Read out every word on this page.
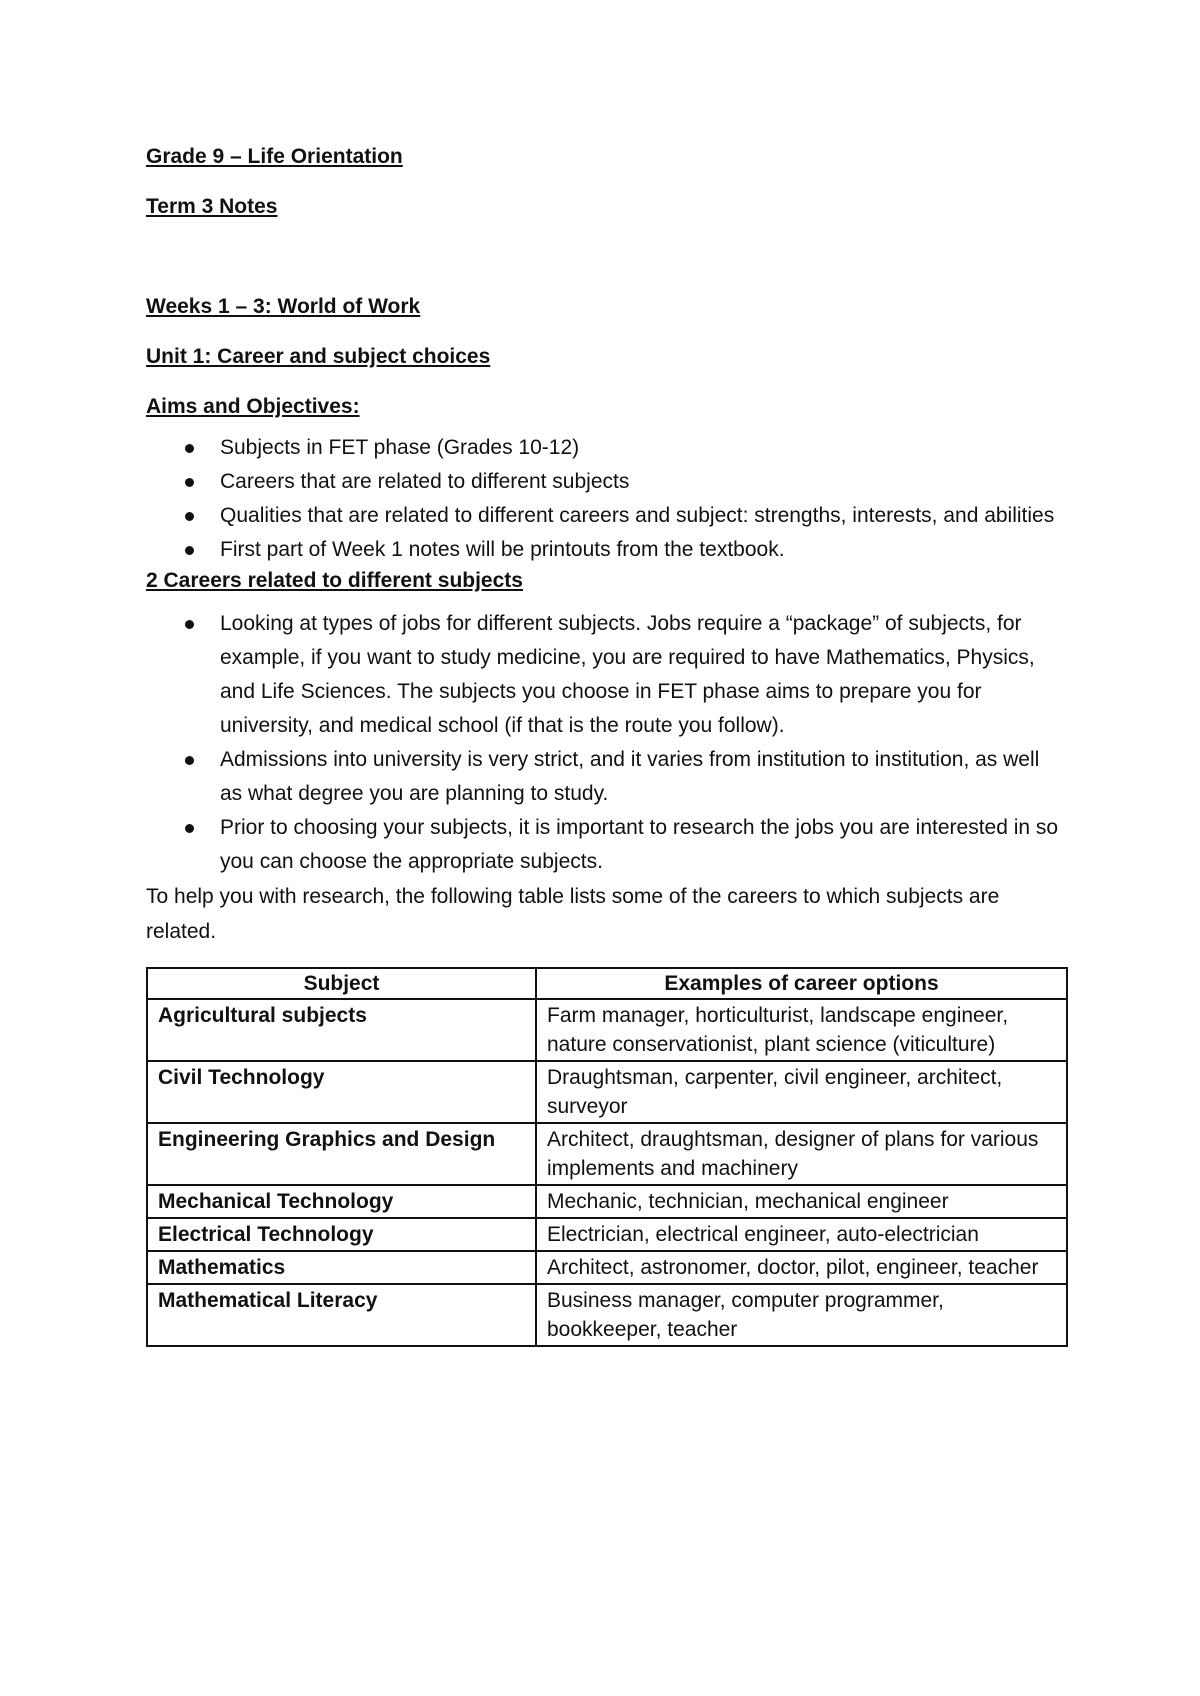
Grade 9 – Life Orientation

Term 3 Notes

Weeks 1 – 3: World of Work

Unit 1: Career and subject choices

Aims and Objectives:

Subjects in FET phase (Grades 10-12)
Careers that are related to different subjects
Qualities that are related to different careers and subject: strengths, interests, and abilities
First part of Week 1 notes will be printouts from the textbook.

2 Careers related to different subjects

Looking at types of jobs for different subjects. Jobs require a “package” of subjects, for example, if you want to study medicine, you are required to have Mathematics, Physics, and Life Sciences. The subjects you choose in FET phase aims to prepare you for university, and medical school (if that is the route you follow).
Admissions into university is very strict, and it varies from institution to institution, as well as what degree you are planning to study.
Prior to choosing your subjects, it is important to research the jobs you are interested in so you can choose the appropriate subjects.

To help you with research, the following table lists some of the careers to which subjects are related.

Subject	Examples of career options
Agricultural subjects	Farm manager, horticulturist, landscape engineer, nature conservationist, plant science (viticulture)
Civil Technology	Draughtsman, carpenter, civil engineer, architect, surveyor
Engineering Graphics and Design	Architect, draughtsman, designer of plans for various implements and machinery
Mechanical Technology	Mechanic, technician, mechanical engineer
Electrical Technology	Electrician, electrical engineer, auto-electrician
Mathematics	Architect, astronomer, doctor, pilot, engineer, teacher
Mathematical Literacy	Business manager, computer programmer, bookkeeper, teacher
